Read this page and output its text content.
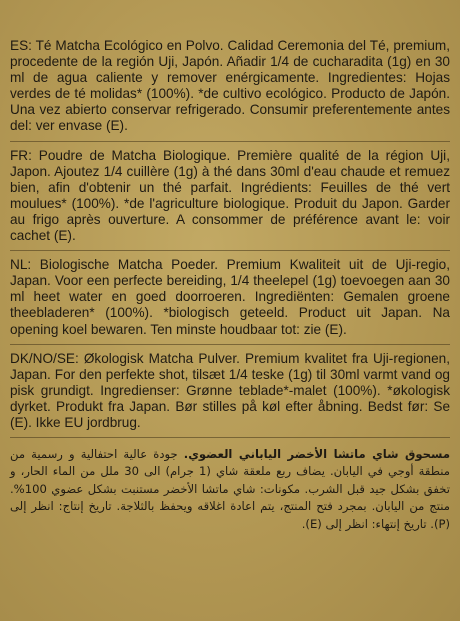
ES: Té Matcha Ecológico en Polvo. Calidad Ceremonia del Té, premium, procedente de la región Uji, Japón. Añadir 1/4 de cucharadita (1g) en 30 ml de agua caliente y remover enérgicamente. Ingredientes: Hojas verdes de té molidas* (100%). *de cultivo ecológico. Producto de Japón. Una vez abierto conservar refrigerado. Consumir preferentemente antes del: ver envase (E).

FR: Poudre de Matcha Biologique. Première qualité de la région Uji, Japon. Ajoutez 1/4 cuillère (1g) à thé dans 30ml d'eau chaude et remuez bien, afin d'obtenir un thé parfait. Ingrédients: Feuilles de thé vert moulues* (100%). *de l'agriculture biologique. Produit du Japon. Garder au frigo après ouverture. A consommer de préférence avant le: voir cachet (E).

NL: Biologische Matcha Poeder. Premium Kwaliteit uit de Uji-regio, Japan. Voor een perfecte bereiding, 1/4 theelepel (1g) toevoegen aan 30 ml heet water en goed doorroeren. Ingrediënten: Gemalen groene theebladeren* (100%). *biologisch geteeld. Product uit Japan. Na opening koel bewaren. Ten minste houdbaar tot: zie (E).

DK/NO/SE: Økologisk Matcha Pulver. Premium kvalitet fra Uji-regionen, Japan. For den perfekte shot, tilsæt 1/4 teske (1g) til 30ml varmt vand og pisk grundigt. Ingredienser: Grønne teblade*-malet (100%). *økologisk dyrket. Produkt fra Japan. Bør stilles på køl efter åbning. Bedst før: Se (E). Ikke EU jordbrug.

مسحوق شاي ماتشا الأخضر الياباني العضوي. جودة عالية احتفالية و رسمية من منطقة أوجي في اليابان. يضاف ربع ملعقة شاي (1 جرام) الى 30 ملل من الماء الحار، و تخفق بشكل جيد قبل الشرب. مكونات: شاي ماتشا الأخضر مستنبت بشكل عضوي 100%. منتج من اليابان. بمجرد فتح المنتج، يتم اعادة اغلاقه ويحفظ بالثلاجة. تاريخ إنتاج: انظر إلى (P). تاريخ إنتهاء: انظر إلى (E).
